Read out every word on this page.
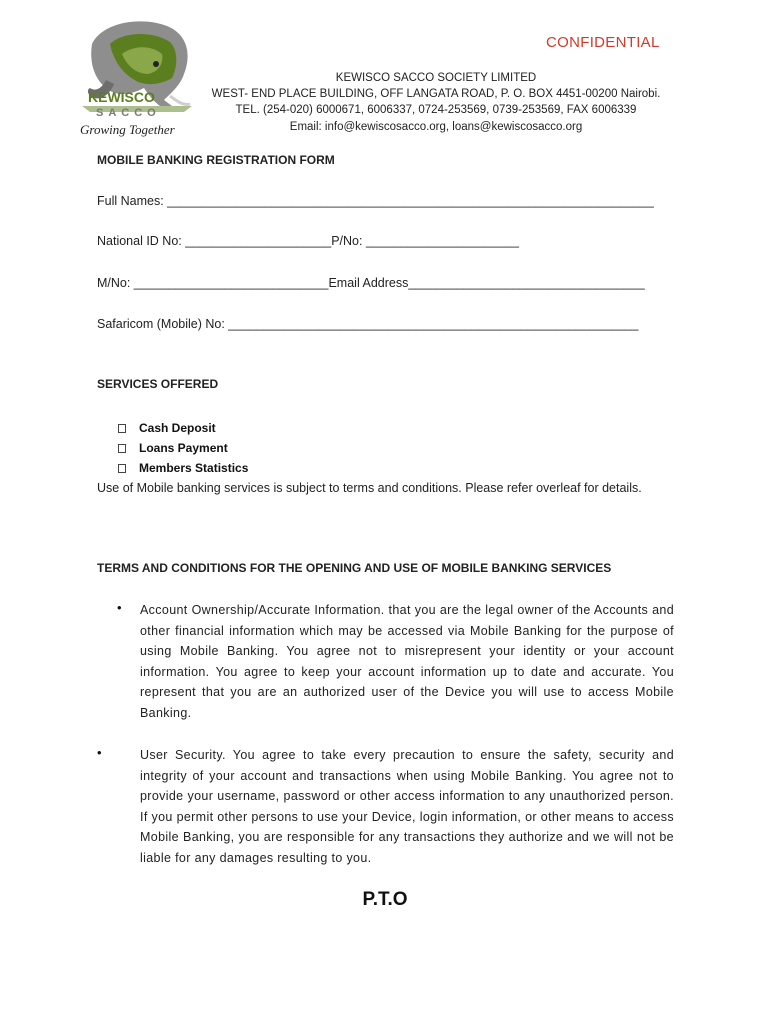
KEWISCO
SACCO
Growing Together
CONFIDENTIAL
KEWISCO SACCO SOCIETY LIMITED
WEST- END PLACE BUILDING, OFF LANGATA ROAD, P. O. BOX 4451-00200 Nairobi.
TEL. (254-020) 6000671, 6006337, 0724-253569, 0739-253569, FAX 6006339
Email: info@kewiscosacco.org, loans@kewiscosacco.org
MOBILE BANKING REGISTRATION FORM
Full Names: ______________________________________________________________________
National ID No: _____________________P/No: ______________________
M/No: ____________________________Email Address__________________________________
Safaricom (Mobile) No: ___________________________________________________________
SERVICES OFFERED
Cash Deposit
Loans Payment
Members Statistics
Use of Mobile banking services is subject to terms and conditions. Please refer overleaf for details.
TERMS AND CONDITIONS FOR THE OPENING AND USE OF MOBILE BANKING SERVICES
• Account Ownership/Accurate Information. that you are the legal owner of the Accounts and other financial information which may be accessed via Mobile Banking for the purpose of using Mobile Banking. You agree not to misrepresent your identity or your account information. You agree to keep your account information up to date and accurate. You represent that you are an authorized user of the Device you will use to access Mobile Banking.
•	User Security. You agree to take every precaution to ensure the safety, security and integrity of your account and transactions when using Mobile Banking. You agree not to provide your username, password or other access information to any unauthorized person. If you permit other persons to use your Device, login information, or other means to access Mobile Banking, you are responsible for any transactions they authorize and we will not be liable for any damages resulting to you.
P.T.O
